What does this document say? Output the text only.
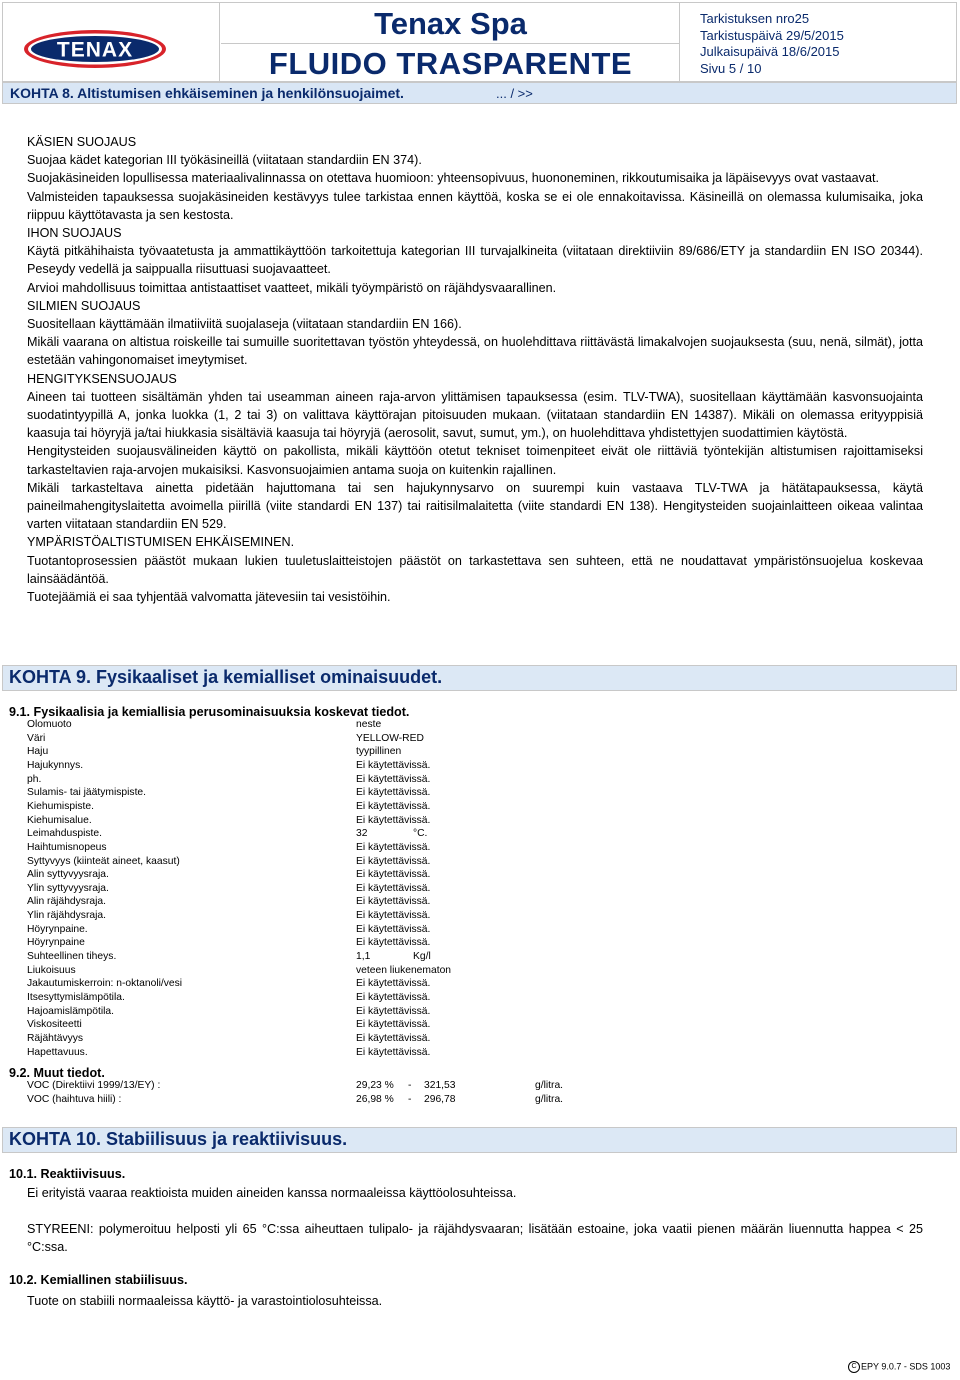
TENAX
Tenax Spa
FLUIDO TRASPARENTE
Tarkistuksen nro25
Tarkistuspäivä 29/5/2015
Julkaisupäivä 18/6/2015
Sivu 5 / 10
KOHTA 8. Altistumisen ehkäiseminen ja henkilönsuojaimet.	... / >>

KÄSIEN SUOJAUS

Suojaa kädet kategorian III työkäsineillä (viitataan standardiin EN 374).

Suojakäsineiden lopullisessa materiaalivalinnassa on otettava huomioon: yhteensopivuus, huononeminen, rikkoutumisaika ja läpäisevyys ovat vastaavat.

Valmisteiden tapauksessa suojakäsineiden kestävyys tulee tarkistaa ennen käyttöä, koska se ei ole ennakoitavissa. Käsineillä on olemassa kulumisaika, joka riippuu käyttötavasta ja sen kestosta.

IHON SUOJAUS

Käytä pitkähihaista työvaatetusta ja ammattikäyttöön tarkoitettuja kategorian III turvajalkineita (viitataan direktiiviin 89/686/ETY ja standardiin EN ISO 20344). Peseydy vedellä ja saippualla riisuttuasi suojavaatteet.

Arvioi mahdollisuus toimittaa antistaattiset vaatteet, mikäli työympäristö on räjähdysvaarallinen.

SILMIEN SUOJAUS

Suositellaan käyttämään ilmatiiviitä suojalaseja (viitataan standardiin EN 166).

Mikäli vaarana on altistua roiskeille tai sumuille suoritettavan työstön yhteydessä, on huolehdittava riittävästä limakalvojen suojauksesta (suu, nenä, silmät), jotta estetään vahingonomaiset imeytymiset.

HENGITYKSENSUOJAUS

Aineen tai tuotteen sisältämän yhden tai useamman aineen raja-arvon ylittämisen tapauksessa (esim. TLV-TWA), suositellaan käyttämään kasvonsuojainta suodatintyypillä A, jonka luokka (1, 2 tai 3) on valittava käyttörajan pitoisuuden mukaan. (viitataan standardiin EN 14387). Mikäli on olemassa erityyppisiä kaasuja tai höyryjä ja/tai hiukkasia sisältäviä kaasuja tai höyryjä (aerosolit, savut, sumut, ym.), on huolehdittava yhdistettyjen suodattimien käytöstä.

Hengitysteiden suojausvälineiden käyttö on pakollista, mikäli käyttöön otetut tekniset toimenpiteet eivät ole riittäviä työntekijän altistumisen rajoittamiseksi tarkasteltavien raja-arvojen mukaisiksi. Kasvonsuojaimien antama suoja on kuitenkin rajallinen.

Mikäli tarkasteltava ainetta pidetään hajuttomana tai sen hajukynnysarvo on suurempi kuin vastaava TLV-TWA ja hätätapauksessa, käytä paineilmahengityslaitetta avoimella piirillä (viite standardi EN 137) tai raitisilmalaitetta (viite standardi EN 138). Hengitysteiden suojainlaitteen oikeaa valintaa varten viitataan standardiin EN 529.

YMPÄRISTÖALTISTUMISEN EHKÄISEMINEN.

Tuotantoprosessien päästöt mukaan lukien tuuletuslaitteistojen päästöt on tarkastettava sen suhteen, että ne noudattavat ympäristönsuojelua koskevaa lainsäädäntöä.

Tuotejäämiä ei saa tyhjentää valvomatta jätevesiin tai vesistöihin.

KOHTA 9. Fysikaaliset ja kemialliset ominaisuudet.
9.1. Fysikaalisia ja kemiallisia perusominaisuuksia koskevat tiedot.
Olomuoto	neste
Väri	YELLOW-RED
Haju	tyypillinen
Hajukynnys.	Ei käytettävissä.
ph.	Ei käytettävissä.
Sulamis- tai jäätymispiste.	Ei käytettävissä.
Kiehumispiste.	Ei käytettävissä.
Kiehumisalue.	Ei käytettävissä.
Leimahduspiste.	32	°C.
Haihtumisnopeus	Ei käytettävissä.
Syttyvyys (kiinteät aineet, kaasut)	Ei käytettävissä.
Alin syttyvyysraja.	Ei käytettävissä.
Ylin syttyvyysraja.	Ei käytettävissä.
Alin räjähdysraja.	Ei käytettävissä.
Ylin räjähdysraja.	Ei käytettävissä.
Höyrynpaine.	Ei käytettävissä.
Höyrynpaine	Ei käytettävissä.
Suhteellinen tiheys.	1,1	Kg/l
Liukoisuus	veteen liukenematon
Jakautumiskerroin: n-oktanoli/vesi	Ei käytettävissä.
Itsesyttymislämpötila.	Ei käytettävissä.
Hajoamislämpötila.	Ei käytettävissä.
Viskositeetti	Ei käytettävissä.
Räjähtävyys	Ei käytettävissä.
Hapettavuus.	Ei käytettävissä.
9.2. Muut tiedot.
VOC (Direktiivi 1999/13/EY) :	29,23 % - 321,53	g/litra.
VOC (haihtuva hiili) :	26,98 % - 296,78	g/litra.
KOHTA 10. Stabiilisuus ja reaktiivisuus.
10.1. Reaktiivisuus.
Ei erityistä vaaraa reaktioista muiden aineiden kanssa normaaleissa käyttöolosuhteissa.
STYREENI: polymeroituu helposti yli 65 °C:ssa aiheuttaen tulipalo- ja räjähdysvaaran; lisätään estoaine, joka vaatii pienen määrän liuennutta happea < 25 °C:ssa.
10.2. Kemiallinen stabiilisuus.
Tuote on stabiili normaaleissa käyttö- ja varastointiolosuhteissa.
C EPY 9.0.7 - SDS 1003
